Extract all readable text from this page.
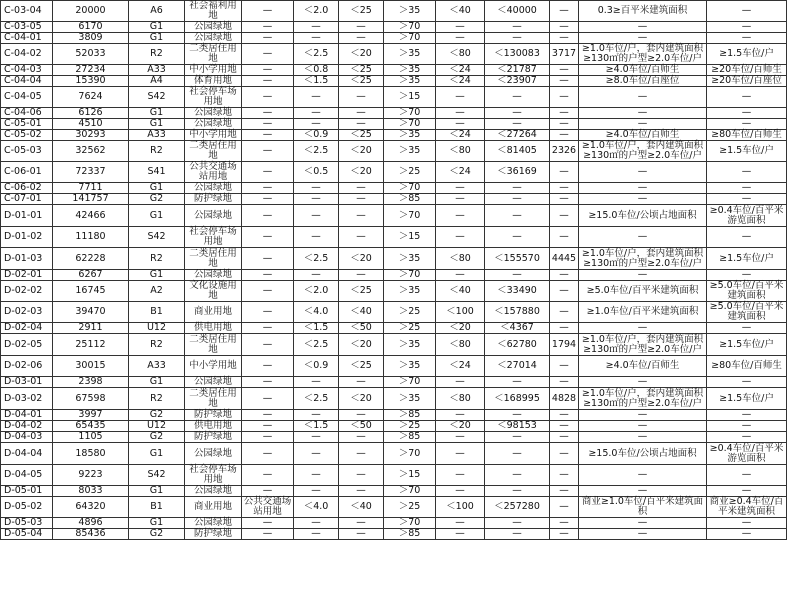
C-03-04	20000	A6	社会福利用地	—	＜2.0	＜25	＞35	＜40	＜40000	—	0.3≥百平米建筑面积	—
C-03-05	6170	G1	公园绿地	—	—	—	＞70	—	—	—	—	—
C-04-01	3809	G1	公园绿地	—	—	—	＞70	—	—	—	—	—
C-04-02	52033	R2	二类居住用地	—	＜2.5	＜20	＞35	＜80	＜130083	3717	≥1.0车位/户，套内建筑面积≥130㎡的户型≥2.0车位/户	≥1.5车位/户
C-04-03	27234	A33	中小学用地	—	＜0.8	＜25	＞35	＜24	＜21787	—	≥4.0车位/百师生	≥20车位/百师生
C-04-04	15390	A4	体育用地	—	＜1.5	＜25	＞35	＜24	＜23907	—	≥8.0车位/百座位	≥20车位/百座位
C-04-05	7624	S42	社会停车场用地	—	—	—	＞15	—	—	—	—	—
C-04-06	6126	G1	公园绿地	—	—	—	＞70	—	—	—	—	—
C-05-01	4510	G1	公园绿地	—	—	—	＞70	—	—	—	—	—
C-05-02	30293	A33	中小学用地	—	＜0.9	＜25	＞35	＜24	＜27264	—	≥4.0车位/百师生	≥80车位/百师生
C-05-03	32562	R2	二类居住用地	—	＜2.5	＜20	＞35	＜80	＜81405	2326	≥1.0车位/户，套内建筑面积≥130㎡的户型≥2.0车位/户	≥1.5车位/户
C-06-01	72337	S41	公共交通场站用地	—	＜0.5	＜20	＞25	＜24	＜36169	—	—	—
C-06-02	7711	G1	公园绿地	—	—	—	＞70	—	—	—	—	—
C-07-01	141757	G2	防护绿地	—	—	—	＞85	—	—	—	—	—
D-01-01	42466	G1	公园绿地	—	—	—	＞70	—	—	—	≥15.0车位/公顷占地面积	≥0.4车位/百平米游览面积
D-01-02	11180	S42	社会停车场用地	—	—	—	＞15	—	—	—	—	—
D-01-03	62228	R2	二类居住用地	—	＜2.5	＜20	＞35	＜80	＜155570	4445	≥1.0车位/户，套内建筑面积≥130㎡的户型≥2.0车位/户	≥1.5车位/户
D-02-01	6267	G1	公园绿地	—	—	—	＞70	—	—	—	—	—
D-02-02	16745	A2	文化设施用地	—	＜2.0	＜25	＞35	＜40	＜33490	—	≥5.0车位/百平米建筑面积	≥5.0车位/百平米建筑面积
D-02-03	39470	B1	商业用地	—	＜4.0	＜40	＞25	＜100	＜157880	—	≥1.0车位/百平米建筑面积	≥5.0车位/百平米建筑面积
D-02-04	2911	U12	供电用地	—	＜1.5	＜50	＞25	＜20	＜4367	—	—	—
D-02-05	25112	R2	二类居住用地	—	＜2.5	＜20	＞35	＜80	＜62780	1794	≥1.0车位/户，套内建筑面积≥130㎡的户型≥2.0车位/户	≥1.5车位/户
D-02-06	30015	A33	中小学用地	—	＜0.9	＜25	＞35	＜24	＜27014	—	≥4.0车位/百师生	≥80车位/百师生
D-03-01	2398	G1	公园绿地	—	—	—	＞70	—	—	—	—	—
D-03-02	67598	R2	二类居住用地	—	＜2.5	＜20	＞35	＜80	＜168995	4828	≥1.0车位/户，套内建筑面积≥130㎡的户型≥2.0车位/户	≥1.5车位/户
D-04-01	3997	G2	防护绿地	—	—	—	＞85	—	—	—	—	—
D-04-02	65435	U12	供电用地	—	＜1.5	＜50	＞25	＜20	＜98153	—	—	—
D-04-03	1105	G2	防护绿地	—	—	—	＞85	—	—	—	—	—
D-04-04	18580	G1	公园绿地	—	—	—	＞70	—	—	—	≥15.0车位/公顷占地面积	≥0.4车位/百平米游览面积
D-04-05	9223	S42	社会停车场用地	—	—	—	＞15	—	—	—	—	—
D-05-01	8033	G1	公园绿地	—	—	—	＞70	—	—	—	—	—
D-05-02	64320	B1	商业用地	公共交通场站用地	＜4.0	＜40	＞25	＜100	＜257280	—	商业≥1.0车位/百平米建筑面积	商业≥0.4车位/百平米建筑面积
D-05-03	4896	G1	公园绿地	—	—	—	＞70	—	—	—	—	—
D-05-04	85436	G2	防护绿地	—	—	—	＞85	—	—	—	—	—
